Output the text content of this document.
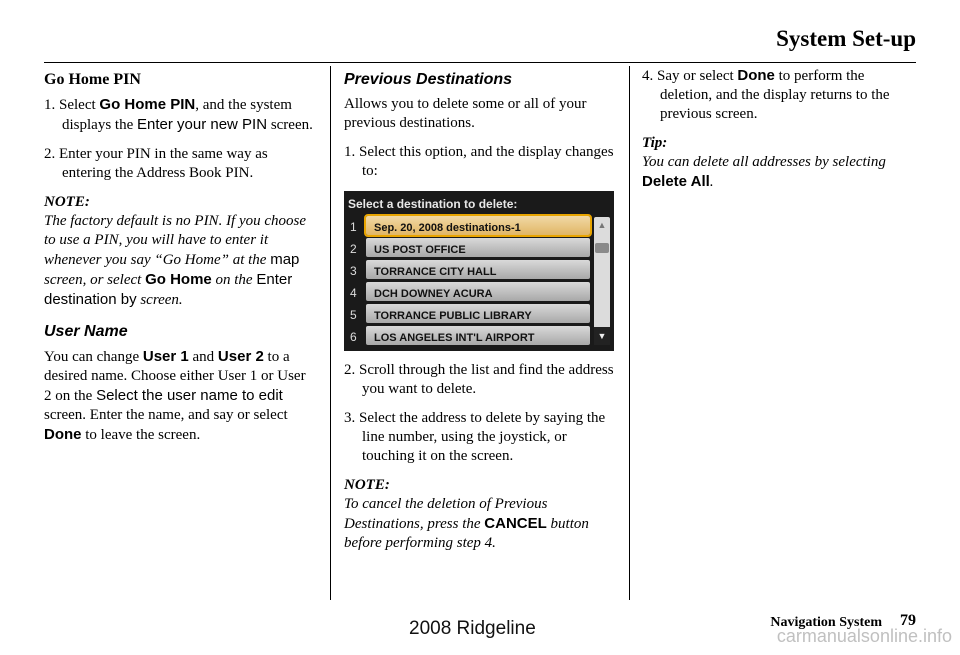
System Set-up
Go Home PIN
1. Select Go Home PIN, and the system displays the Enter your new PIN screen.
2. Enter your PIN in the same way as entering the Address Book PIN.
NOTE:
The factory default is no PIN. If you choose to use a PIN, you will have to enter it whenever you say “Go Home” at the map screen, or select Go Home on the Enter destination by screen.
User Name

You can change User 1 and User 2 to a desired name. Choose either User 1 or User 2 on the Select the user name to edit screen. Enter the name, and say or select Done to leave the screen.

Previous Destinations

Allows you to delete some or all of your previous destinations.

1. Select this option, and the display changes to:
Select a destination to delete:
1	Sep. 20, 2008 destinations-1
2	US POST OFFICE
3	TORRANCE CITY HALL
4	DCH DOWNEY ACURA
5	TORRANCE PUBLIC LIBRARY
6	LOS ANGELES INT'L AIRPORT
▲
▼
2. Scroll through the list and find the address you want to delete.
3. Select the address to delete by saying the line number, using the joystick, or touching it on the screen.
NOTE:
To cancel the deletion of Previous Destinations, press the CANCEL button before performing step 4.
4. Say or select Done to perform the deletion, and the display returns to the previous screen.
Tip:
You can delete all addresses by selecting Delete All.
2008 Ridgeline	Navigation System 79
carmanualsonline.info
